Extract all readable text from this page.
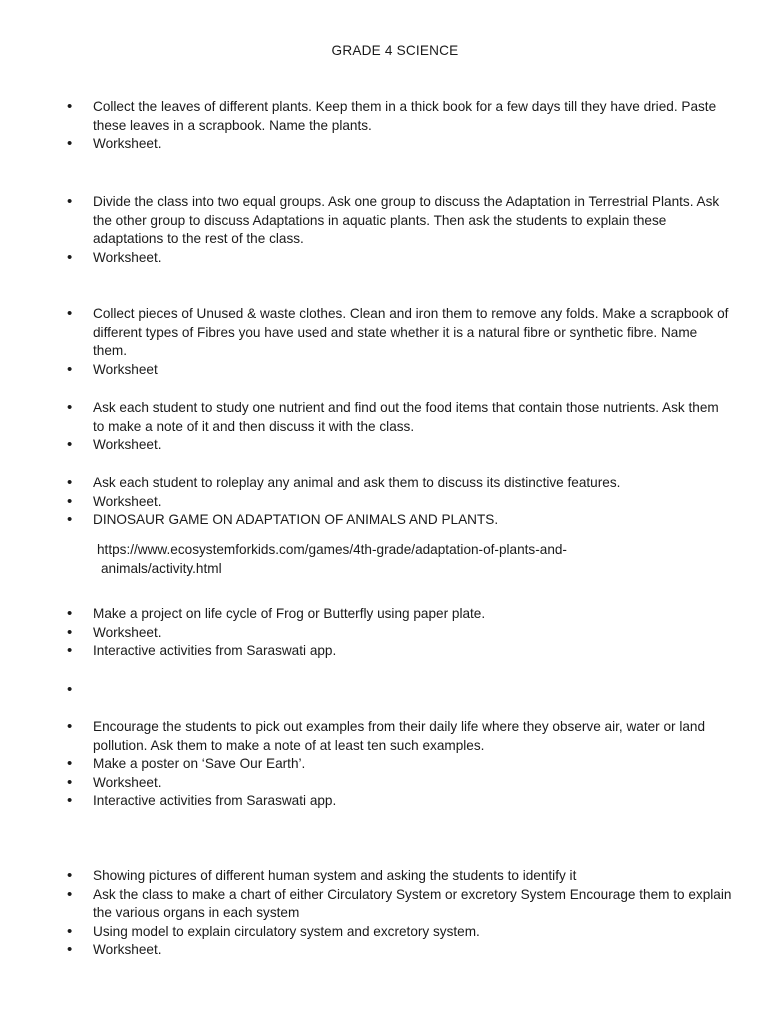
GRADE 4 SCIENCE
• Collect the leaves of different plants. Keep them in a thick book for a few days till they have dried. Paste these leaves in a scrapbook. Name the plants.
• Worksheet.
• Divide the class into two equal groups. Ask one group to discuss the Adaptation in Terrestrial Plants. Ask the other group to discuss Adaptations in aquatic plants. Then ask the students to explain these adaptations to the rest of the class.
• Worksheet.
• Collect pieces of Unused & waste clothes. Clean and iron them to remove any folds. Make a scrapbook of different types of Fibres you have used and state whether it is a natural fibre or synthetic fibre. Name them.
• Worksheet
• Ask each student to study one nutrient and find out the food items that contain those nutrients. Ask them to make a note of it and then discuss it with the class.
• Worksheet.
• Ask each student to roleplay any animal and ask them to discuss its distinctive features.
• Worksheet.
• DINOSAUR GAME ON ADAPTATION OF ANIMALS AND PLANTS.
https://www.ecosystemforkids.com/games/4th-grade/adaptation-of-plants-and-
animals/activity.html
• Make a project on life cycle of Frog or Butterfly using paper plate.
• Worksheet.
• Interactive activities from Saraswati app.
•
• Encourage the students to pick out examples from their daily life where they observe air, water or land pollution. Ask them to make a note of at least ten such examples.
• Make a poster on ‘Save Our Earth’.
• Worksheet.
• Interactive activities from Saraswati app.
• Showing pictures of different human system and asking the students to identify it
• Ask the class to make a chart of either Circulatory System or excretory System Encourage them to explain the various organs in each system
• Using model to explain circulatory system and excretory system.
• Worksheet.
